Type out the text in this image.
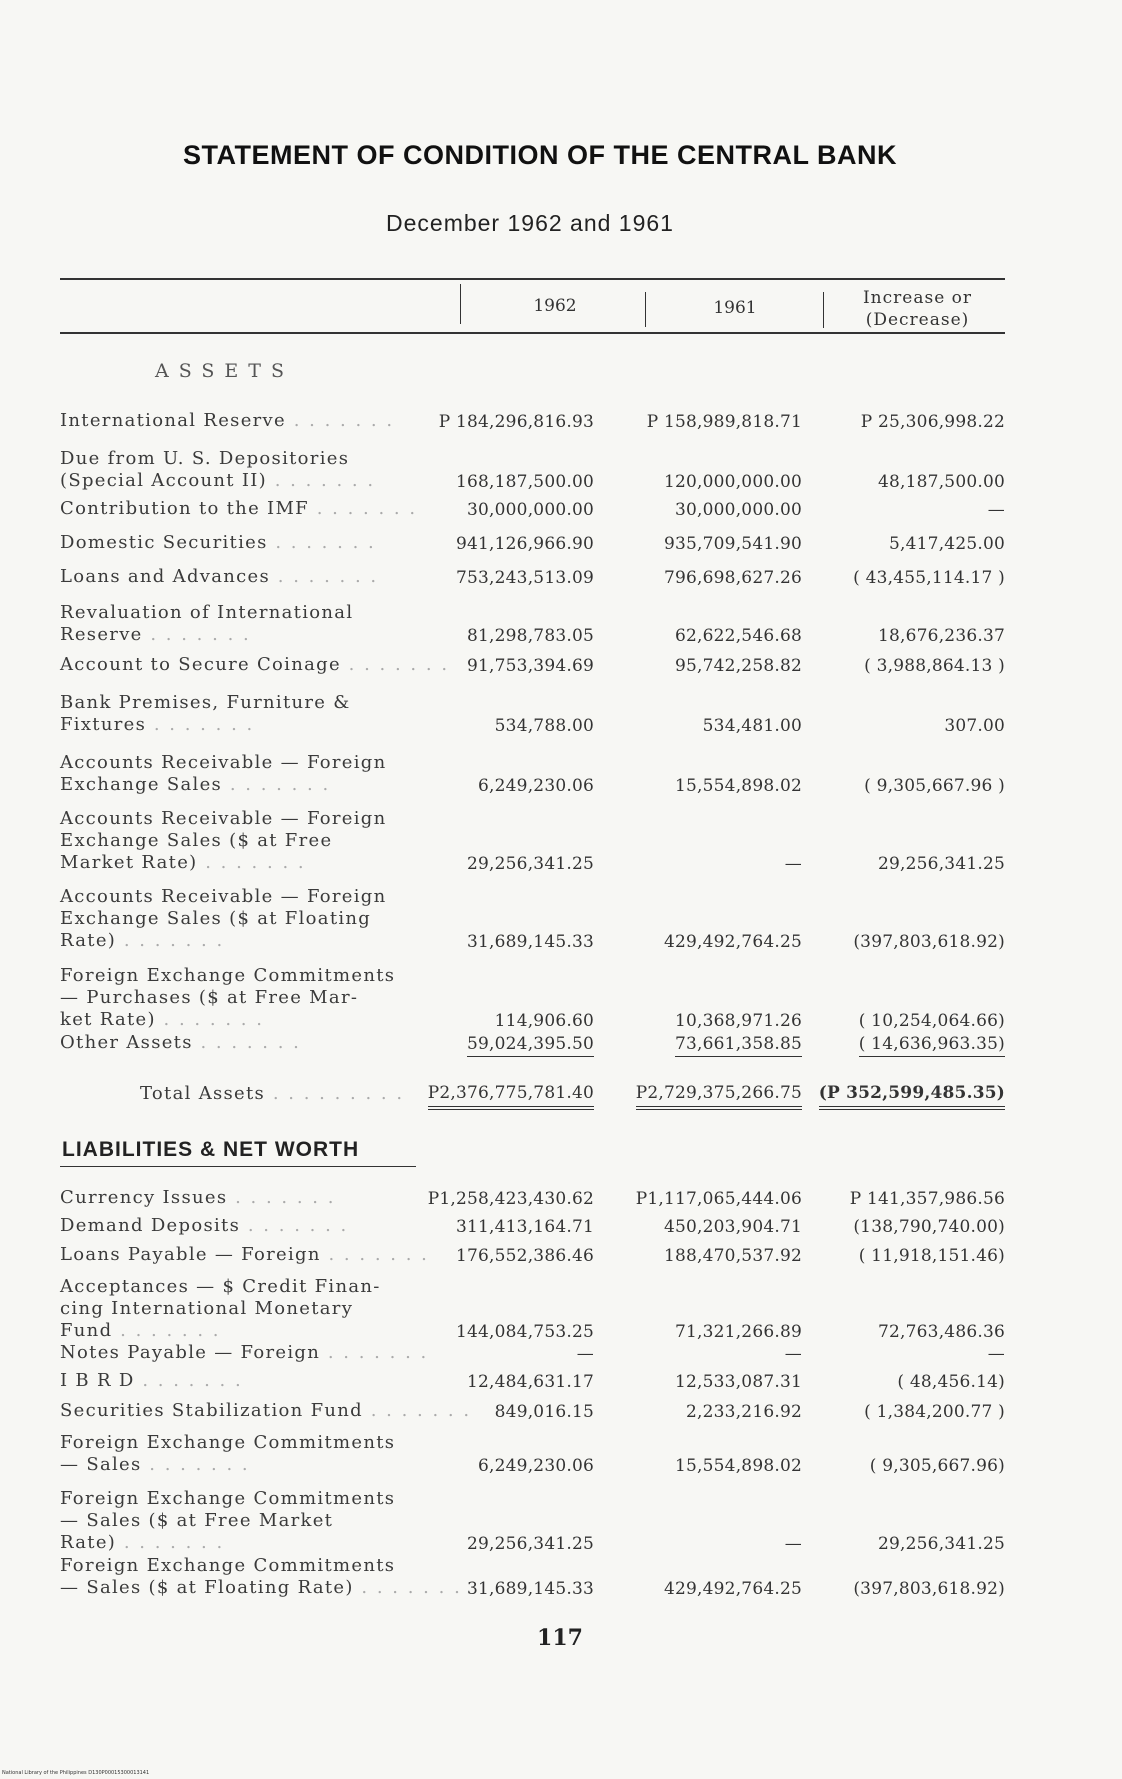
STATEMENT OF CONDITION OF THE CENTRAL BANK
December 1962 and 1961
1962	1961	Increase or
(Decrease)
ASSETS
International Reserve . . . . . . .	P 184,296,816.93	P 158,989,818.71	P 25,306,998.22
Due from U. S. Depositories
(Special Account II) . . . . . . .	168,187,500.00	120,000,000.00	48,187,500.00
Contribution to the IMF . . . . . . .	30,000,000.00	30,000,000.00	—
Domestic Securities . . . . . . .	941,126,966.90	935,709,541.90	5,417,425.00
Loans and Advances . . . . . . .	753,243,513.09	796,698,627.26	( 43,455,114.17 )
Revaluation of International
Reserve . . . . . . .	81,298,783.05	62,622,546.68	18,676,236.37
Account to Secure Coinage . . . . . . . 91,753,394.69	95,742,258.82	( 3,988,864.13 )
Bank Premises, Furniture &
Fixtures . . . . . . .	534,788.00	534,481.00	307.00
Accounts Receivable — Foreign
Exchange Sales . . . . . . .	6,249,230.06	15,554,898.02	( 9,305,667.96 )
Accounts Receivable — Foreign
Exchange Sales ($ at Free
Market Rate) . . . . . . .	29,256,341.25	—	29,256,341.25
Accounts Receivable — Foreign
Exchange Sales ($ at Floating
Rate) . . . . . . .	31,689,145.33	429,492,764.25	(397,803,618.92)
Foreign Exchange Commitments
— Purchases ($ at Free Mar-
ket Rate) . . . . . . .	114,906.60	10,368,971.26	( 10,254,064.66)
Other Assets . . . . . . .	59,024,395.50	73,661,358.85	( 14,636,963.35)
Total Assets . . . . . . . . .	P2,376,775,781.40 P2,729,375,266.75 (P 352,599,485.35)
LIABILITIES & NET WORTH
Currency Issues . . . . . . .	P1,258,423,430.62 P1,117,065,444.06	P 141,357,986.56
Demand Deposits . . . . . . .	311,413,164.71	450,203,904.71	(138,790,740.00)
Loans Payable — Foreign . . . . . . . 176,552,386.46	188,470,537.92	( 11,918,151.46)
Acceptances — $ Credit Finan-
cing International Monetary
Fund . . . . . . .	144,084,753.25	71,321,266.89	72,763,486.36
Notes Payable — Foreign . . . . . . .	—	—	—
I B R D . . . . . . .	12,484,631.17	12,533,087.31	( 48,456.14)
Securities Stabilization Fund . . . . . . . 849,016.15	2,233,216.92	( 1,384,200.77 )
Foreign Exchange Commitments
— Sales . . . . . . .	6,249,230.06	15,554,898.02	( 9,305,667.96)
Foreign Exchange Commitments
— Sales ($ at Free Market
Rate) . . . . . . .	29,256,341.25	—	29,256,341.25
Foreign Exchange Commitments
— Sales ($ at Floating Rate) . . . . . . . 31,689,145.33	429,492,764.25	(397,803,618.92)
117
National Library of the Philippines D130P00015300013141
